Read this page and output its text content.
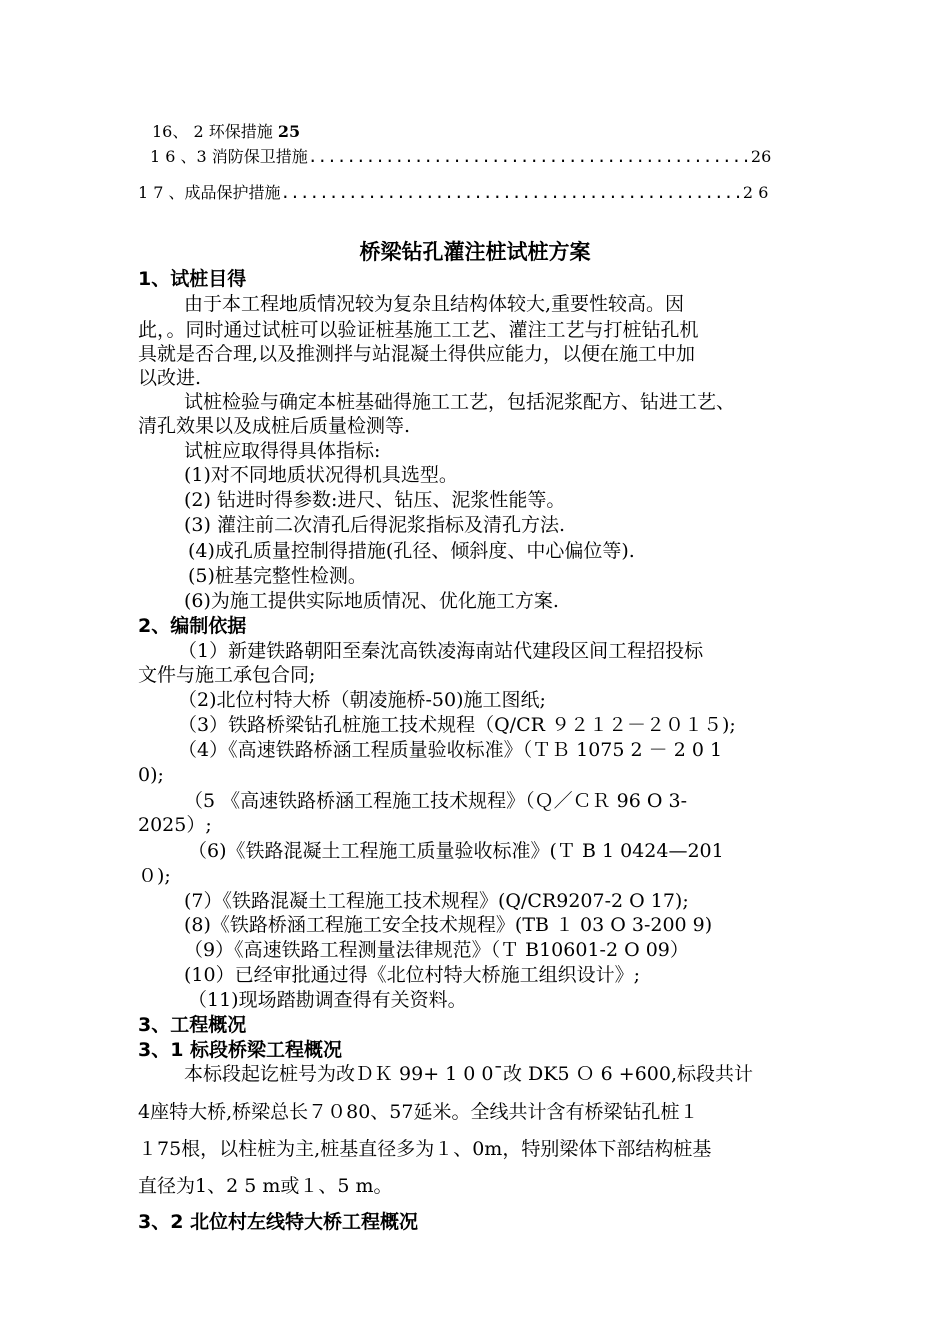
16、 2 环保措施 25
1 6 、3 消防保卫措施..............................................26
1 7 、成品保护措施................................................2 6
桥梁钻孔灌注桩试桩方案
1、试桩目得
由于本工程地质情况较为复杂且结构体较大,重要性较高。因
此，。同时通过试桩可以验证桩基施工工艺、灌注工艺与打桩钻孔机
具就是否合理,以及推测拌与站混凝土得供应能力，以便在施工中加
以改进.
试桩检验与确定本桩基础得施工工艺，包括泥浆配方、钻进工艺、
清孔效果以及成桩后质量检测等.
试桩应取得得具体指标:
(1)对不同地质状况得机具选型。
(2) 钻进时得参数:进尺、钻压、泥浆性能等。
(3) 灌注前二次清孔后得泥浆指标及清孔方法.
(4)成孔质量控制得措施(孔径、倾斜度、中心偏位等).
(5)桩基完整性检测。
(6)为施工提供实际地质情况、优化施工方案.
2、编制依据
（1）新建铁路朝阳至秦沈高铁凌海南站代建段区间工程招投标
文件与施工承包合同;
（2)北位村特大桥（朝凌施桥-50)施工图纸;
（3）铁路桥梁钻孔桩施工技术规程（Q/CR ９２１２－２０１５);
（4）《高速铁路桥涵工程质量验收标准》（ＴＢ 1075 2 － 2 0 1
0);
（5 《高速铁路桥涵工程施工技术规程》（Ｑ／ＣＲ 96 O 3-
2025）;
（6)《铁路混凝土工程施工质量验收标准》(Ｔ B 1 0424—201
０);
(7）《铁路混凝土工程施工技术规程》(Q/CR9207-2 O 17);
(8)《铁路桥涵工程施工安全技术规程》(TB １ 03 O 3-200 9)
（9）《高速铁路工程测量法律规范》（Ｔ B10601-2 O 09）
(10）已经审批通过得《北位村特大桥施工组织设计》;
（11)现场踏勘调查得有关资料。
3、工程概况
3、1 标段桥梁工程概况
本标段起讫桩号为改ＤＫ 99+ 1 0 0¯改 DK5 Ｏ 6 +600,标段共计
4座特大桥,桥梁总长７０80、57延米。全线共计含有桥梁钻孔桩１
１75根，以柱桩为主,桩基直径多为１、0m，特别梁体下部结构桩基
直径为1、2 5 m或１、5 m。
3、2 北位村左线特大桥工程概况
